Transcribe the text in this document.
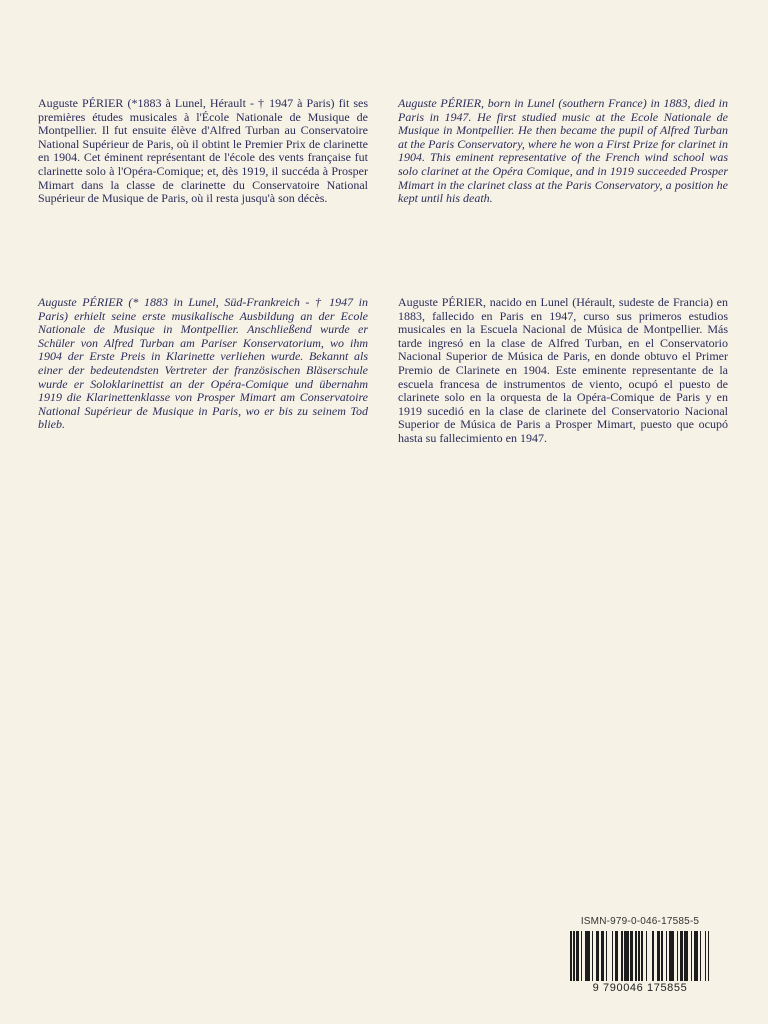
Auguste PÉRIER (*1883 à Lunel, Hérault - † 1947 à Paris) fit ses premières études musicales à l'École Nationale de Musique de Montpellier. Il fut ensuite élève d'Alfred Turban au Conservatoire National Supérieur de Paris, où il obtint le Premier Prix de clarinette en 1904. Cet éminent représentant de l'école des vents française fut clarinette solo à l'Opéra-Comique; et, dès 1919, il succéda à Prosper Mimart dans la classe de clarinette du Conservatoire National Supérieur de Musique de Paris, où il resta jusqu'à son décès.

Auguste PÉRIER, born in Lunel (southern France) in 1883, died in Paris in 1947. He first studied music at the Ecole Nationale de Musique in Montpellier. He then became the pupil of Alfred Turban at the Paris Conservatory, where he won a First Prize for clarinet in 1904. This eminent representative of the French wind school was solo clarinet at the Opéra Comique, and in 1919 succeeded Prosper Mimart in the clarinet class at the Paris Conservatory, a position he kept until his death.

Auguste PÉRIER (* 1883 in Lunel, Süd-Frankreich - † 1947 in Paris) erhielt seine erste musikalische Ausbildung an der Ecole Nationale de Musique in Montpellier. Anschließend wurde er Schüler von Alfred Turban am Pariser Konservatorium, wo ihm 1904 der Erste Preis in Klarinette verliehen wurde. Bekannt als einer der bedeutendsten Vertreter der französischen Bläserschule wurde er Soloklarinettist an der Opéra-Comique und übernahm 1919 die Klarinettenklasse von Prosper Mimart am Conservatoire National Supérieur de Musique in Paris, wo er bis zu seinem Tod blieb.

Auguste PÉRIER, nacido en Lunel (Hérault, sudeste de Francia) en 1883, fallecido en Paris en 1947, curso sus primeros estudios musicales en la Escuela Nacional de Música de Montpellier. Más tarde ingresó en la clase de Alfred Turban, en el Conservatorio Nacional Superior de Música de Paris, en donde obtuvo el Primer Premio de Clarinete en 1904. Este eminente representante de la escuela francesa de instrumentos de viento, ocupó el puesto de clarinete solo en la orquesta de la Opéra-Comique de Paris y en 1919 sucedió en la clase de clarinete del Conservatorio Nacional Superior de Música de Paris a Prosper Mimart, puesto que ocupó hasta su fallecimiento en 1947.

ISMN-979-0-046-17585-5
9 790046 175855
